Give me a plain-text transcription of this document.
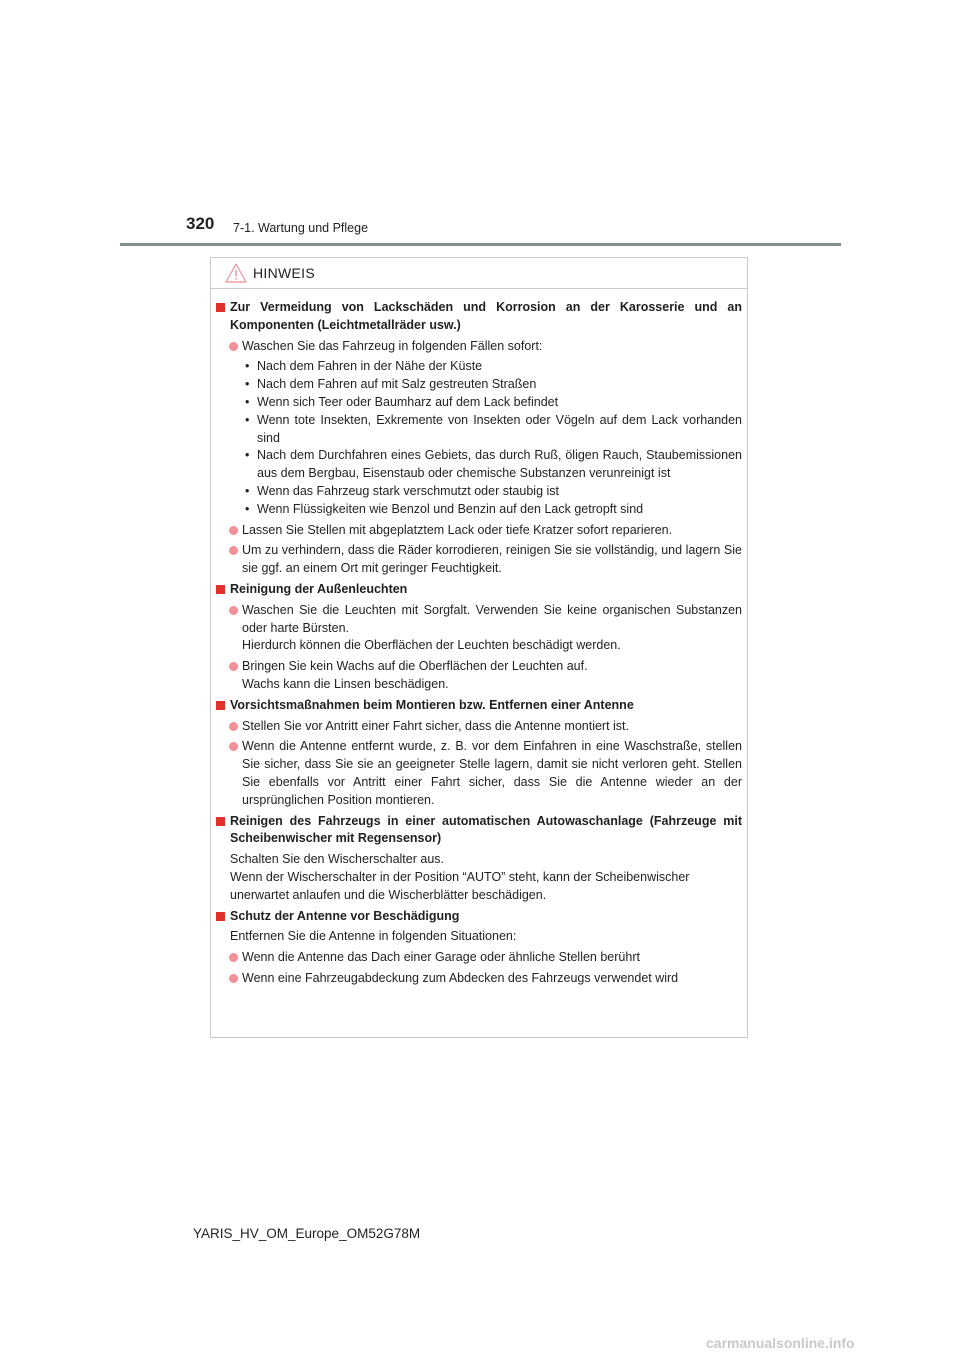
320 7-1. Wartung und Pflege
HINWEIS
Zur Vermeidung von Lackschäden und Korrosion an der Karosserie und an Komponenten (Leichtmetallräder usw.)
Waschen Sie das Fahrzeug in folgenden Fällen sofort:
• Nach dem Fahren in der Nähe der Küste
• Nach dem Fahren auf mit Salz gestreuten Straßen
• Wenn sich Teer oder Baumharz auf dem Lack befindet
• Wenn tote Insekten, Exkremente von Insekten oder Vögeln auf dem Lack vorhanden sind
• Nach dem Durchfahren eines Gebiets, das durch Ruß, öligen Rauch, Staubemissionen aus dem Bergbau, Eisenstaub oder chemische Substanzen verunreinigt ist
• Wenn das Fahrzeug stark verschmutzt oder staubig ist
• Wenn Flüssigkeiten wie Benzol und Benzin auf den Lack getropft sind
Lassen Sie Stellen mit abgeplatztem Lack oder tiefe Kratzer sofort reparieren.
Um zu verhindern, dass die Räder korrodieren, reinigen Sie sie vollständig, und lagern Sie sie ggf. an einem Ort mit geringer Feuchtigkeit.
Reinigung der Außenleuchten
Waschen Sie die Leuchten mit Sorgfalt. Verwenden Sie keine organischen Substanzen oder harte Bürsten.
Hierdurch können die Oberflächen der Leuchten beschädigt werden.
Bringen Sie kein Wachs auf die Oberflächen der Leuchten auf.
Wachs kann die Linsen beschädigen.
Vorsichtsmaßnahmen beim Montieren bzw. Entfernen einer Antenne
Stellen Sie vor Antritt einer Fahrt sicher, dass die Antenne montiert ist.
Wenn die Antenne entfernt wurde, z. B. vor dem Einfahren in eine Waschstraße, stellen Sie sicher, dass Sie sie an geeigneter Stelle lagern, damit sie nicht verloren geht. Stellen Sie ebenfalls vor Antritt einer Fahrt sicher, dass Sie die Antenne wieder an der ursprünglichen Position montieren.
Reinigen des Fahrzeugs in einer automatischen Autowaschanlage (Fahrzeuge mit Scheibenwischer mit Regensensor)
Schalten Sie den Wischerschalter aus.
Wenn der Wischerschalter in der Position “AUTO” steht, kann der Scheibenwischer unerwartet anlaufen und die Wischerblätter beschädigen.
Schutz der Antenne vor Beschädigung
Entfernen Sie die Antenne in folgenden Situationen:
Wenn die Antenne das Dach einer Garage oder ähnliche Stellen berührt
Wenn eine Fahrzeugabdeckung zum Abdecken des Fahrzeugs verwendet wird
YARIS_HV_OM_Europe_OM52G78M
carmanualsonline.info
